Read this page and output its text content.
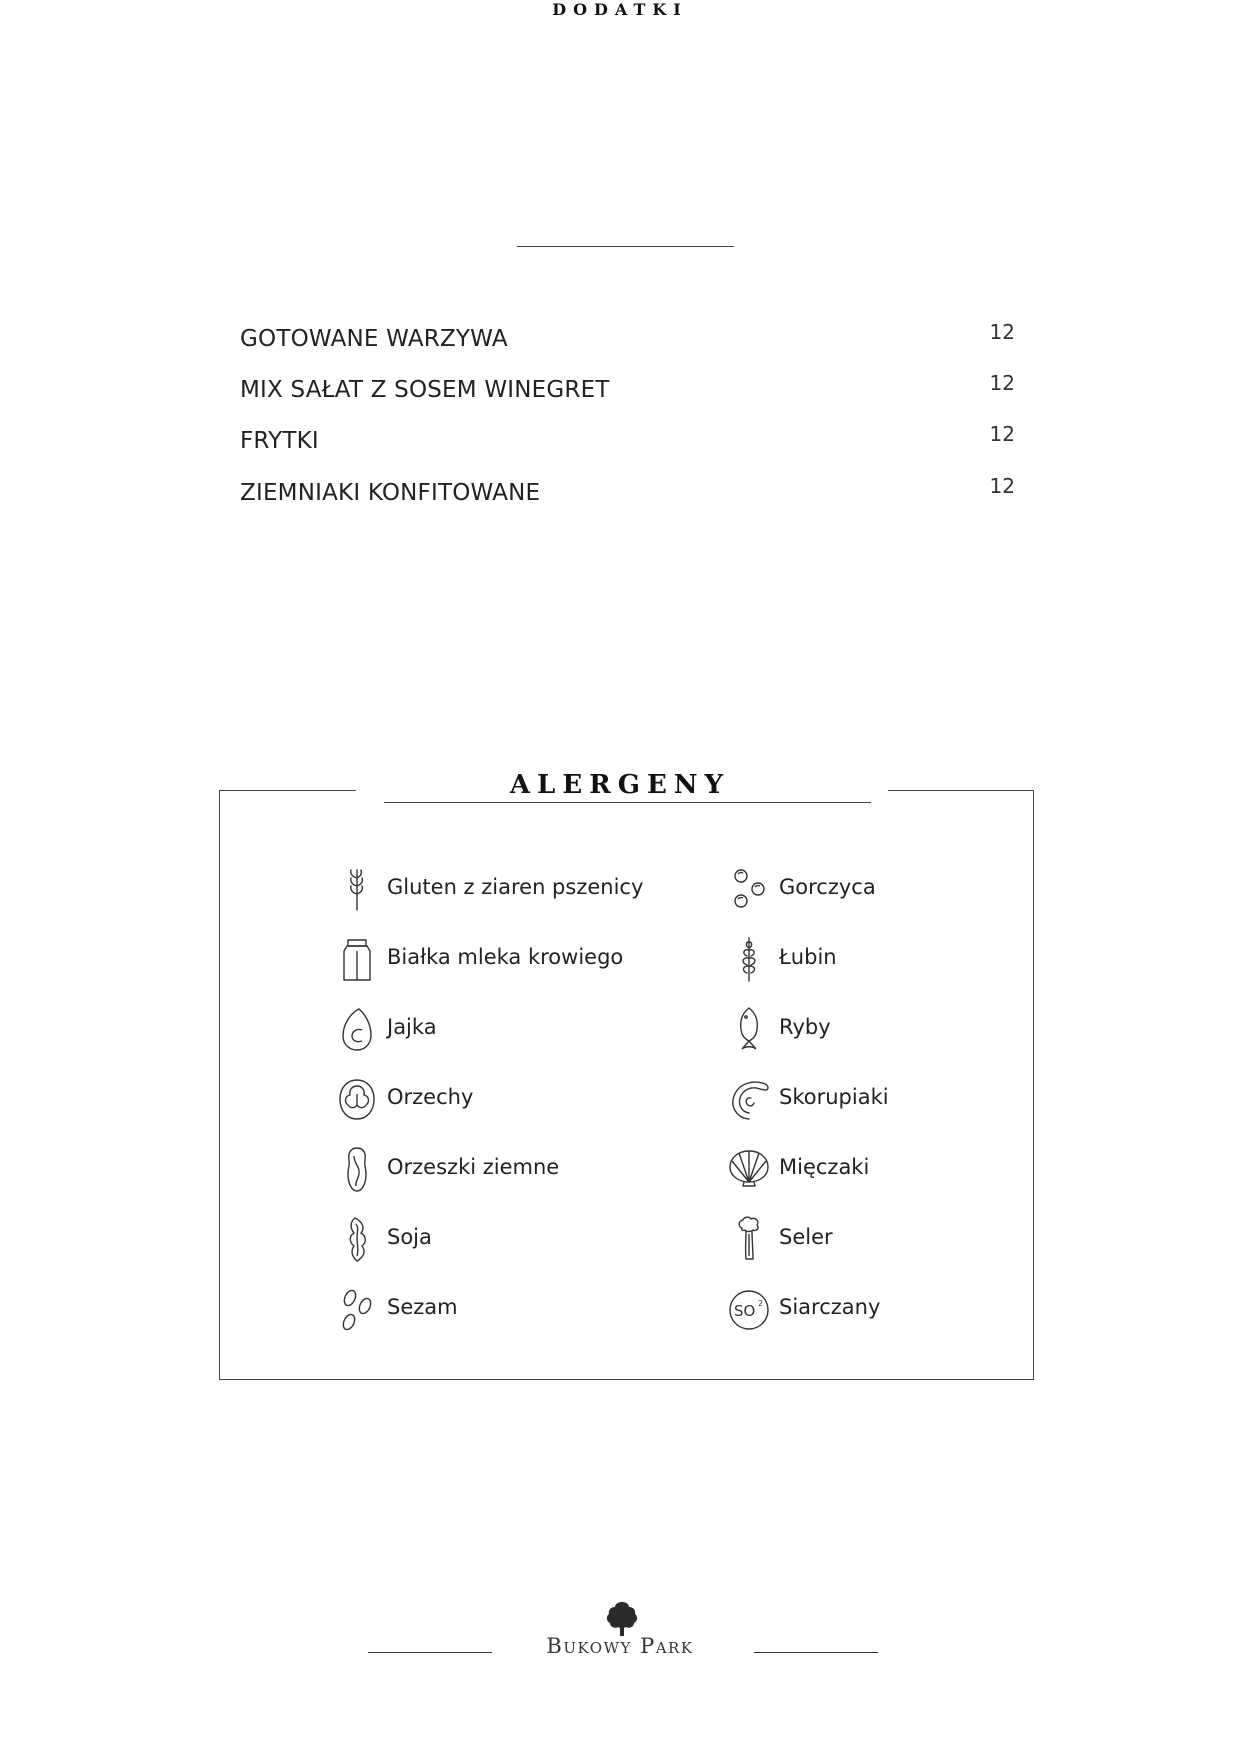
DODATKI
GOTOWANE WARZYWA	12
MIX SAŁAT Z SOSEM WINEGRET	12
FRYTKI	12
ZIEMNIAKI KONFITOWANE	12
ALERGENY
Gluten z ziaren pszenicy
Białka mleka krowiego
Jajka
Orzechy
Orzeszki ziemne
Soja
Sezam
Gorczyca
Łubin
Ryby
Skorupiaki
Mięczaki
Seler
SO 2 Siarczany
Bukowy Park
